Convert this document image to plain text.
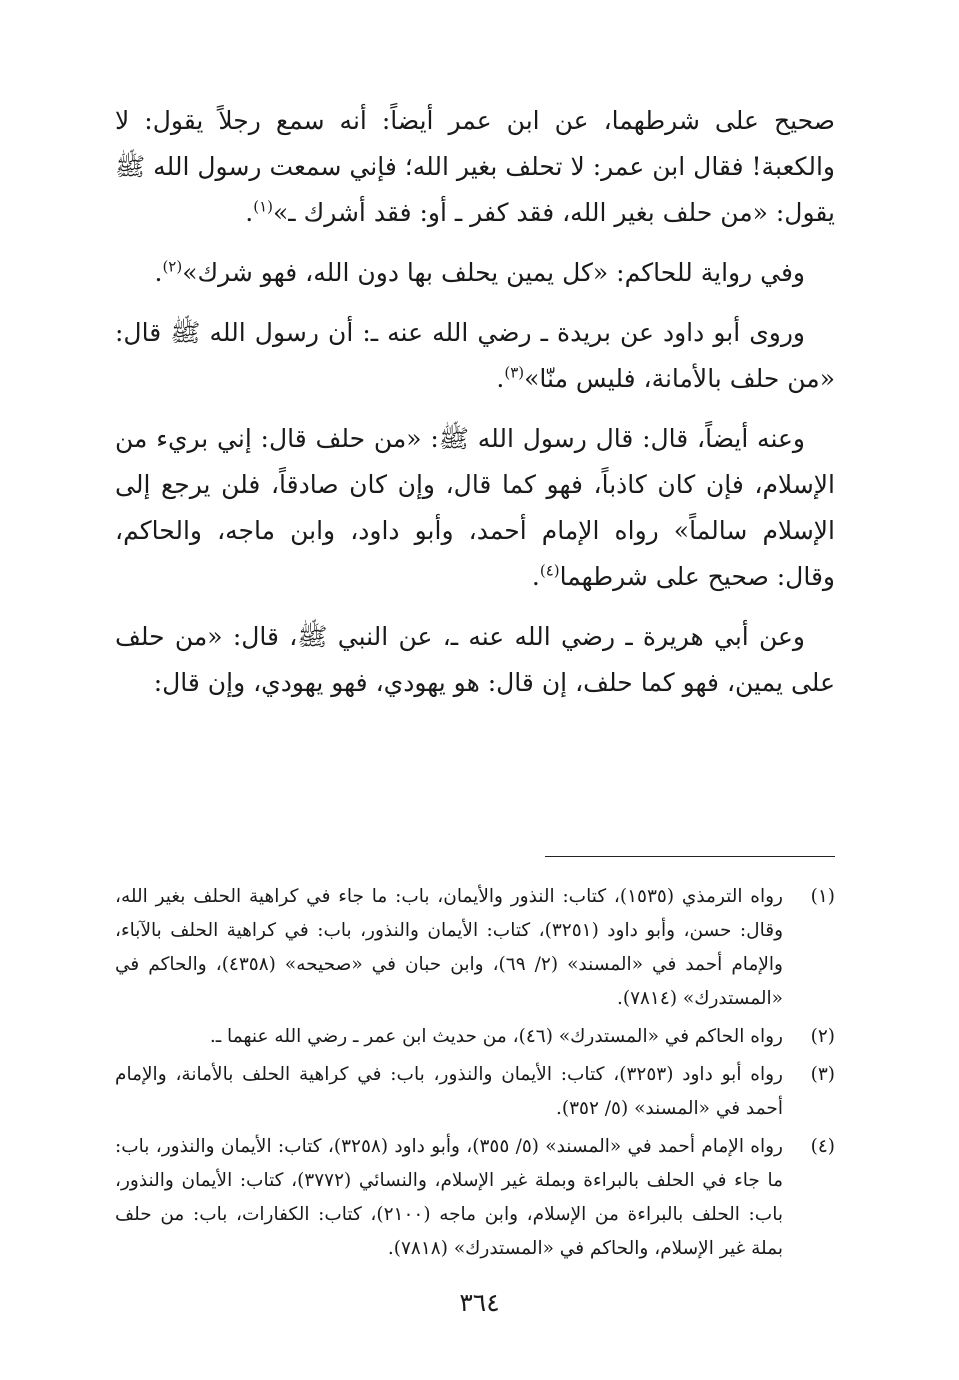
صحيح على شرطهما، عن ابن عمر أيضاً: أنه سمع رجلاً يقول: لا والكعبة! فقال ابن عمر: لا تحلف بغير الله؛ فإني سمعت رسول الله ﷺ يقول: «من حلف بغير الله، فقد كفر ـ أو: فقد أشرك ـ»$^{(١)}$.

وفي رواية للحاكم: «كل يمين يحلف بها دون الله، فهو شرك»$^{(٢)}$.

وروى أبو داود عن بريدة ـ رضي الله عنه ـ: أن رسول الله ﷺ قال: «من حلف بالأمانة، فليس منّا»$^{(٣)}$.

وعنه أيضاً، قال: قال رسول الله ﷺ: «من حلف قال: إني بريء من الإسلام، فإن كان كاذباً، فهو كما قال، وإن كان صادقاً، فلن يرجع إلى الإسلام سالماً» رواه الإمام أحمد، وأبو داود، وابن ماجه، والحاكم، وقال: صحيح على شرطهما$^{(٤)}$.

وعن أبي هريرة ـ رضي الله عنه ـ، عن النبي ﷺ، قال: «من حلف على يمين، فهو كما حلف، إن قال: هو يهودي، فهو يهودي، وإن قال:

(١)
رواه الترمذي (١٥٣٥)، كتاب: النذور والأيمان، باب: ما جاء في كراهية الحلف بغير الله، وقال: حسن، وأبو داود (٣٢٥١)، كتاب: الأيمان والنذور، باب: في كراهية الحلف بالآباء، والإمام أحمد في «المسند» (٢/ ٦٩)، وابن حبان في «صحيحه» (٤٣٥٨)، والحاكم في «المستدرك» (٧٨١٤).
(٢)
رواه الحاكم في «المستدرك» (٤٦)، من حديث ابن عمر ـ رضي الله عنهما ـ.
(٣)
رواه أبو داود (٣٢٥٣)، كتاب: الأيمان والنذور، باب: في كراهية الحلف بالأمانة، والإمام أحمد في «المسند» (٥/ ٣٥٢).
(٤)
رواه الإمام أحمد في «المسند» (٥/ ٣٥٥)، وأبو داود (٣٢٥٨)، كتاب: الأيمان والنذور، باب: ما جاء في الحلف بالبراءة وبملة غير الإسلام، والنسائي (٣٧٧٢)، كتاب: الأيمان والنذور، باب: الحلف بالبراءة من الإسلام، وابن ماجه (٢١٠٠)، كتاب: الكفارات، باب: من حلف بملة غير الإسلام، والحاكم في «المستدرك» (٧٨١٨).
٣٦٤
